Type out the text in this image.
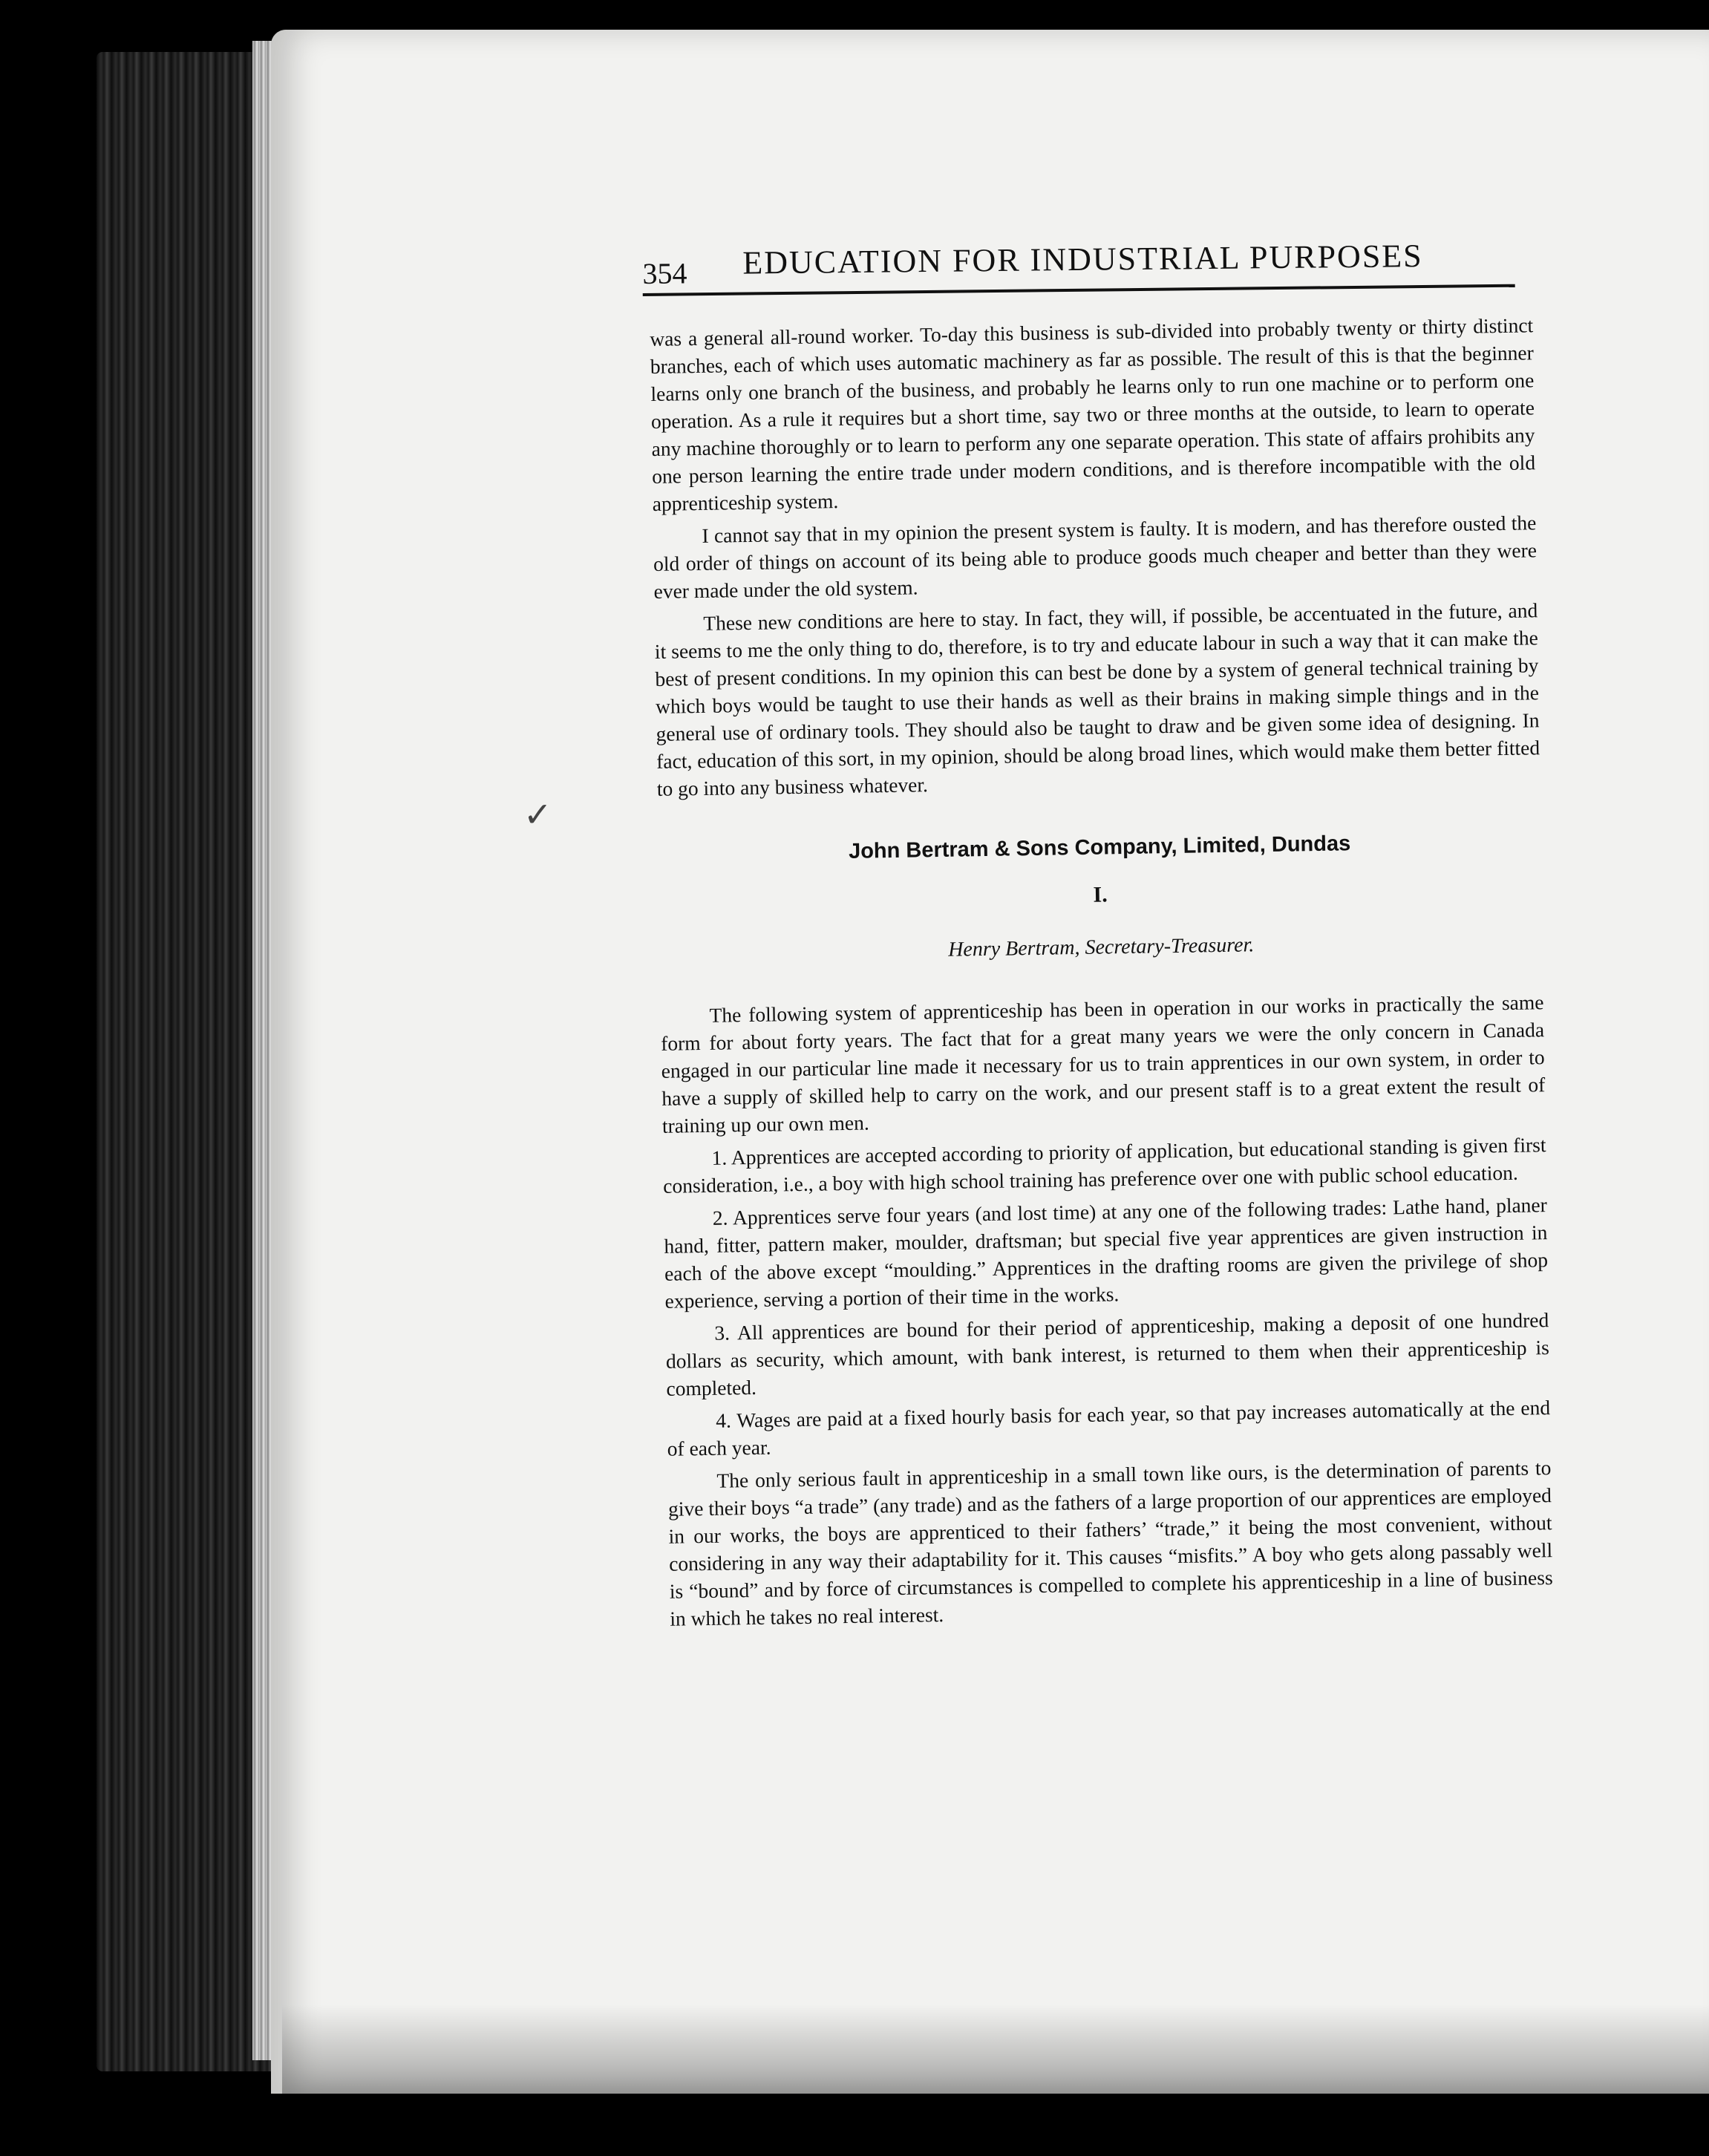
✓
354 EDUCATION FOR INDUSTRIAL PURPOSES

was a general all-round worker. To-day this business is sub-divided into probably twenty or thirty distinct branches, each of which uses automatic machinery as far as possible. The result of this is that the beginner learns only one branch of the business, and probably he learns only to run one machine or to perform one operation. As a rule it requires but a short time, say two or three months at the outside, to learn to operate any machine thoroughly or to learn to perform any one separate operation. This state of affairs prohibits any one person learning the entire trade under modern conditions, and is therefore incompatible with the old apprenticeship system.

I cannot say that in my opinion the present system is faulty. It is modern, and has therefore ousted the old order of things on account of its being able to produce goods much cheaper and better than they were ever made under the old system.

These new conditions are here to stay. In fact, they will, if possible, be accentuated in the future, and it seems to me the only thing to do, therefore, is to try and educate labour in such a way that it can make the best of present conditions. In my opinion this can best be done by a system of general technical training by which boys would be taught to use their hands as well as their brains in making simple things and in the general use of ordinary tools. They should also be taught to draw and be given some idea of designing. In fact, education of this sort, in my opinion, should be along broad lines, which would make them better fitted to go into any business whatever.

John Bertram & Sons Company, Limited, Dundas
I.
Henry Bertram, Secretary-Treasurer.

The following system of apprenticeship has been in operation in our works in practically the same form for about forty years. The fact that for a great many years we were the only concern in Canada engaged in our particular line made it necessary for us to train apprentices in our own system, in order to have a supply of skilled help to carry on the work, and our present staff is to a great extent the result of training up our own men.

1. Apprentices are accepted according to priority of application, but educational standing is given first consideration, i.e., a boy with high school training has preference over one with public school education.

2. Apprentices serve four years (and lost time) at any one of the following trades: Lathe hand, planer hand, fitter, pattern maker, moulder, draftsman; but special five year apprentices are given instruction in each of the above except “moulding.” Apprentices in the drafting rooms are given the privilege of shop experience, serving a portion of their time in the works.

3. All apprentices are bound for their period of apprenticeship, making a deposit of one hundred dollars as security, which amount, with bank interest, is returned to them when their apprenticeship is completed.

4. Wages are paid at a fixed hourly basis for each year, so that pay increases automatically at the end of each year.

The only serious fault in apprenticeship in a small town like ours, is the determination of parents to give their boys “a trade” (any trade) and as the fathers of a large proportion of our apprentices are employed in our works, the boys are apprenticed to their fathers’ “trade,” it being the most convenient, without considering in any way their adaptability for it. This causes “misfits.” A boy who gets along passably well is “bound” and by force of circumstances is compelled to complete his apprenticeship in a line of business in which he takes no real interest.
